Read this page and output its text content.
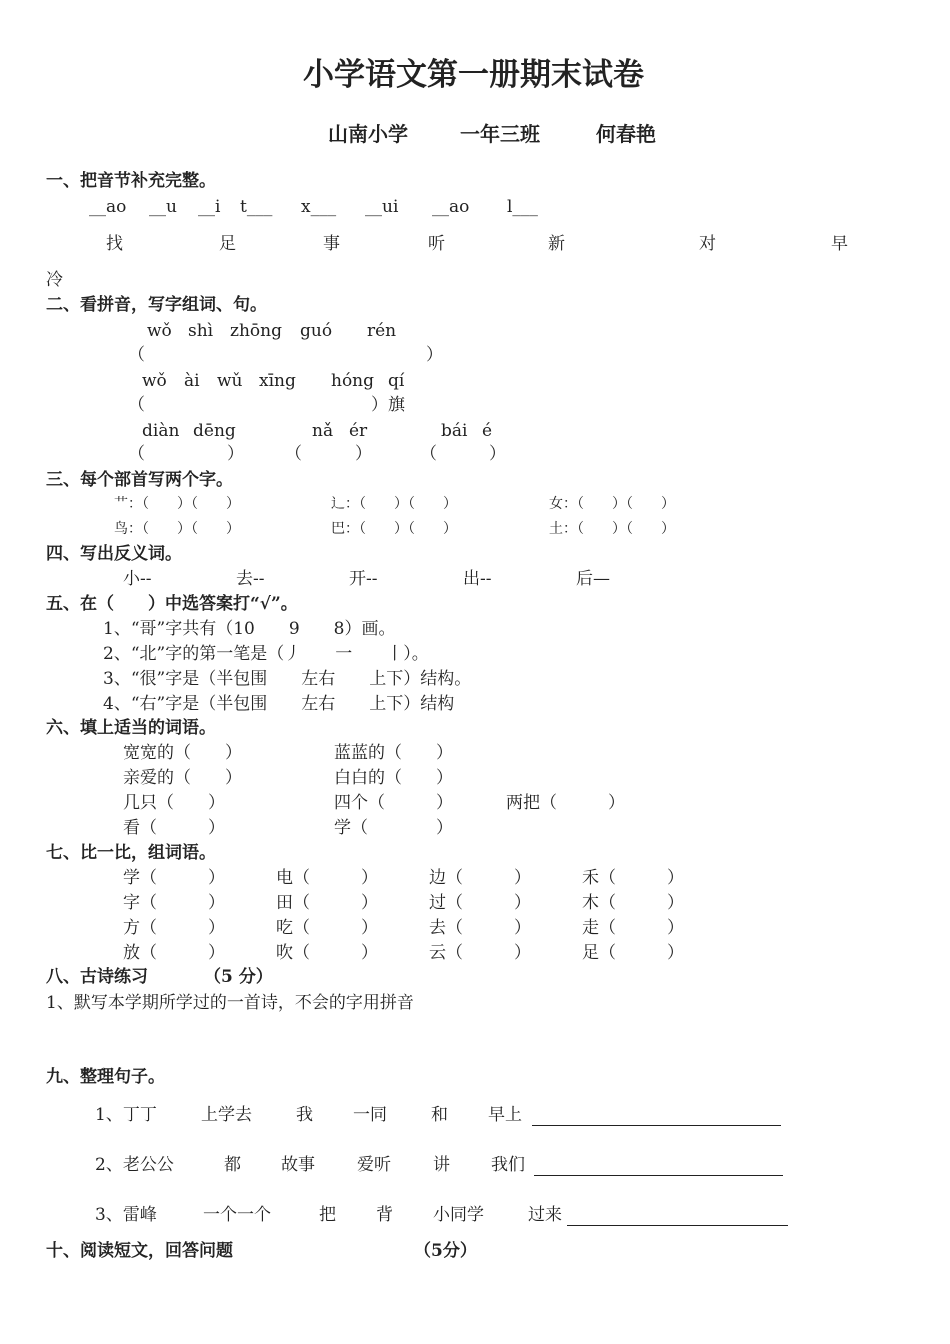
小学语文第一册期末试卷
山南小学	一年三班	何春艳
一、把音节补充完整。
__ao __u __i t___ x___ __ui __ao l___
找	足	事	听	新	对	早
冷
二、看拼音，写字组词、句。
wǒ shì zhōng guó rén
（	）
wǒ ài wǔ xīng hóng qí
（	）旗
diàn dēng	nǎ ér	bái é
（	） （	）	（	）
三、每个部首写两个字。
艹：（　　）（　　）	辶：（　　）（　　）	女：（　　）（　　）
鸟：（　　）（　　）	巴：（　　）（　　）	土：（　　）（　　）
四、写出反义词。
小--	去--	开--	出--	后—
五、在（　　）中选答案打“√”。
1、“哥”字共有（10　　9　　8）画。
2、“北”字的第一笔是（丿　　一　　丨）。
3、“很”字是（半包围　　左右　　上下）结构。
4、“右”字是（半包围　　左右　　上下）结构
六、填上适当的词语。
宽宽的（　　）	蓝蓝的（　　）
亲爱的（　　）	白白的（　　）
几只（　　）	四个（　　　）	两把（　　　）
看（　　　）	学（　　　　）
七、比一比，组词语。
学（　　　）	电（　　　）	边（　　　）	禾（　　　）
字（　　　）	田（　　　）	过（　　　）	木（　　　）
方（　　　）	吃（　　　）	去（　　　）	走（　　　）
放（　　　）	吹（　　　）	云（　　　）	足（　　　）
八、古诗练习	（5 分）
1、默写本学期所学过的一首诗，不会的字用拼音
九、整理句子。
1、丁丁	上学去	我 一同	和 早上
2、老公公	都 故事 爱听 讲 我们
3、雷峰	一个一个	把 背 小同学	过来
十、阅读短文，回答问题	（5分）
